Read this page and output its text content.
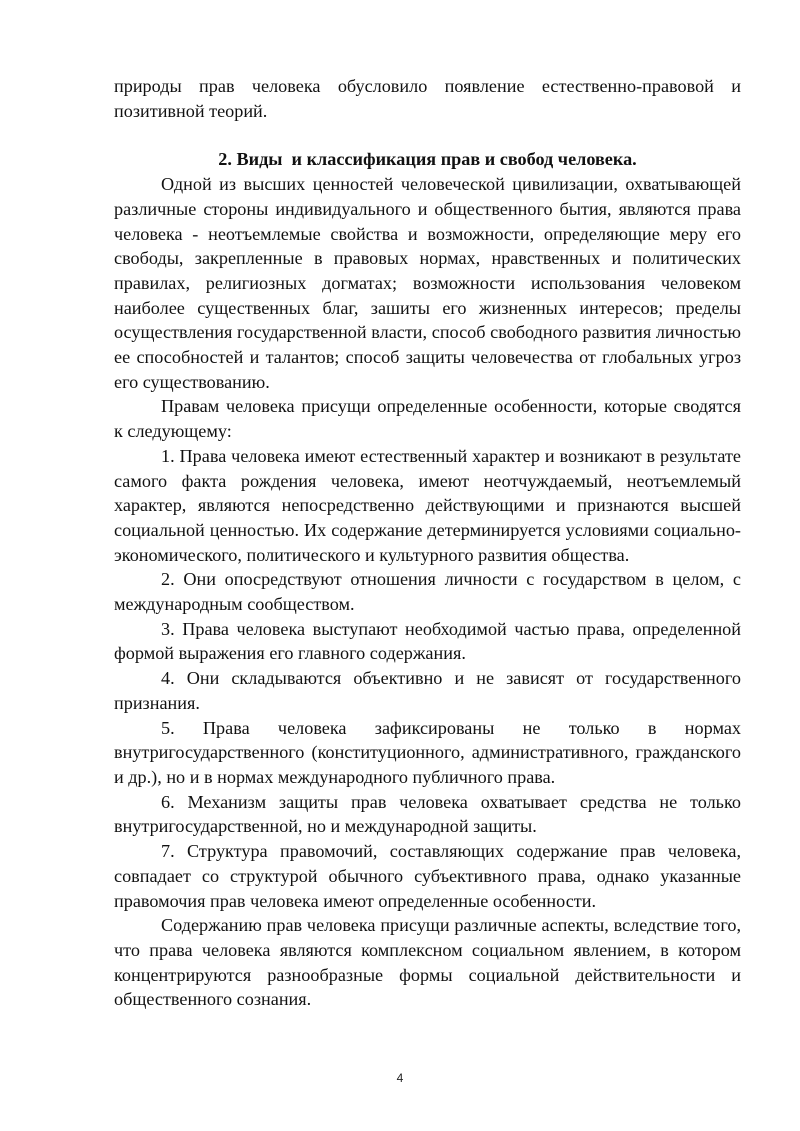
природы прав человека обусловило появление естественно-правовой и позитивной теорий.

2. Виды  и классификация прав и свобод человека.

Одной из высших ценностей человеческой цивилизации, охватывающей различные стороны индивидуального и общественного бытия, являются права человека - неотъемлемые свойства и возможности, определяющие меру его свободы, закрепленные в правовых нормах, нравственных и политических правилах, религиозных догматах; возможности использования человеком наиболее существенных благ, зашиты его жизненных интересов; пределы осуществления государственной власти, способ свободного развития личностью ее способностей и талантов; способ защиты человечества от глобальных угроз его существованию.

Правам человека присущи определенные особенности, которые сводятся к следующему:

1. Права человека имеют естественный характер и возникают в результате самого факта рождения человека, имеют неотчуждаемый, неотъемлемый характер, являются непосредственно действующими и признаются высшей социальной ценностью. Их содержание детерминируется условиями социально-экономического, политического и культурного развития общества.

2. Они опосредствуют отношения личности с государством в целом, с международным сообществом.

3. Права человека выступают необходимой частью права, определенной формой выражения его главного содержания.

4. Они складываются объективно и не зависят от государственного признания.

5. Права человека зафиксированы не только в нормах внутригосударственного (конституционного, административного, гражданского и др.), но и в нормах международного публичного права.

6. Механизм защиты прав человека охватывает средства не только внутригосударственной, но и международной защиты.

7. Структура правомочий, составляющих содержание прав человека, совпадает со структурой обычного субъективного права, однако указанные правомочия прав человека имеют определенные особенности.

Содержанию прав человека присущи различные аспекты, вследствие того, что права человека являются комплексном социальном явлением, в котором концентрируются разнообразные формы социальной действительности и общественного сознания.

4
